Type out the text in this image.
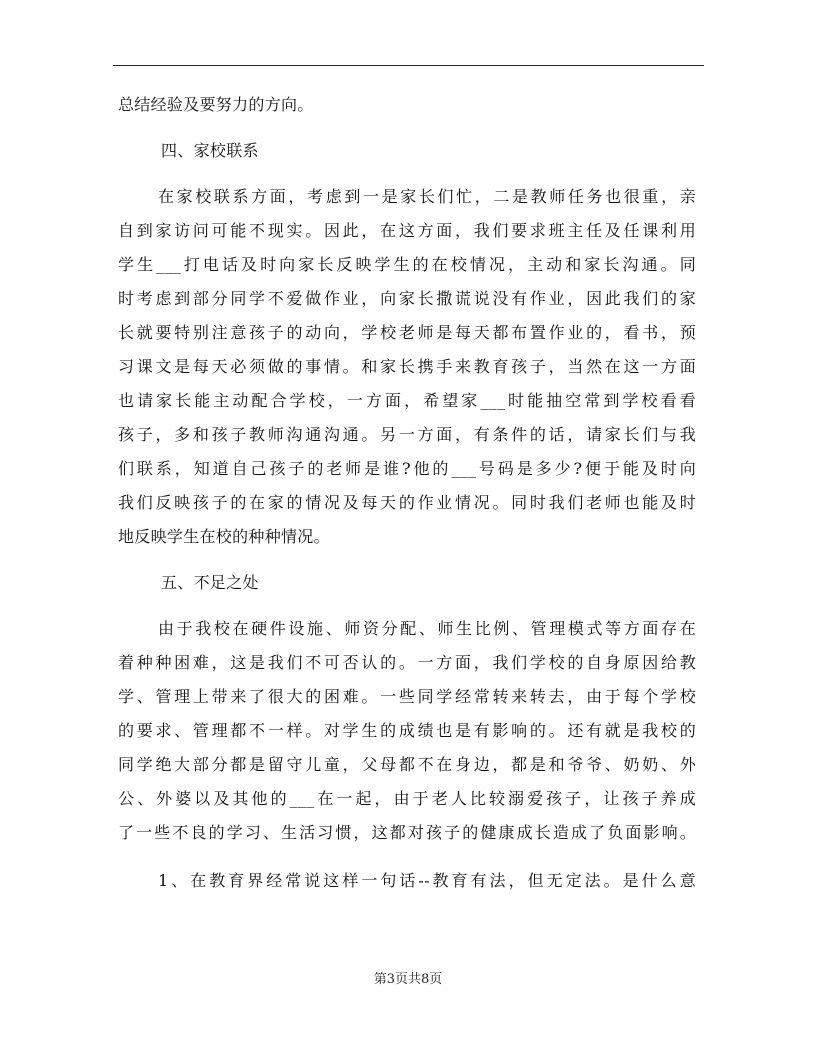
总结经验及要努力的方向。
四、家校联系
在家校联系方面，考虑到一是家长们忙，二是教师任务也很重，亲
自到家访问可能不现实。因此，在这方面，我们要求班主任及任课利用
学生___打电话及时向家长反映学生的在校情况，主动和家长沟通。同
时考虑到部分同学不爱做作业，向家长撒谎说没有作业，因此我们的家
长就要特别注意孩子的动向，学校老师是每天都布置作业的，看书，预
习课文是每天必须做的事情。和家长携手来教育孩子，当然在这一方面
也请家长能主动配合学校，一方面，希望家___时能抽空常到学校看看
孩子，多和孩子教师沟通沟通。另一方面，有条件的话，请家长们与我
们联系，知道自己孩子的老师是谁?他的___号码是多少?便于能及时向
我们反映孩子的在家的情况及每天的作业情况。同时我们老师也能及时
地反映学生在校的种种情况。
五、不足之处
由于我校在硬件设施、师资分配、师生比例、管理模式等方面存在
着种种困难，这是我们不可否认的。一方面，我们学校的自身原因给教
学、管理上带来了很大的困难。一些同学经常转来转去，由于每个学校
的要求、管理都不一样。对学生的成绩也是有影响的。还有就是我校的
同学绝大部分都是留守儿童，父母都不在身边，都是和爷爷、奶奶、外
公、外婆以及其他的___在一起，由于老人比较溺爱孩子，让孩子养成
了一些不良的学习、生活习惯，这都对孩子的健康成长造成了负面影响。
1、在教育界经常说这样一句话--教育有法，但无定法。是什么意
第3页共8页
